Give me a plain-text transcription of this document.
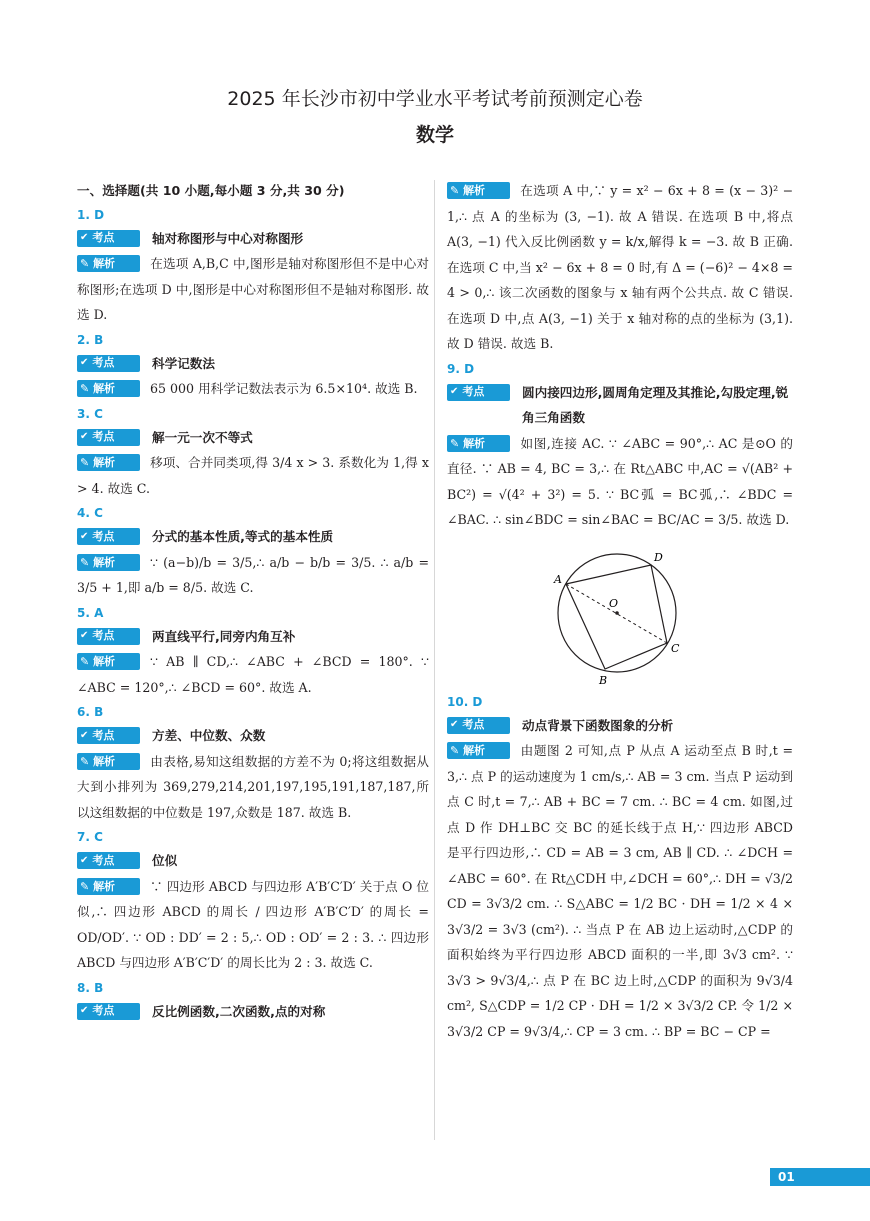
2025 年长沙市初中学业水平考试考前预测定心卷
数学
一、选择题(共 10 小题,每小题 3 分,共 30 分)
1. D
✔ 考点	轴对称图形与中心对称图形
✎
解析	在选项 A,B,C 中,图形是轴对称图形但不是中心对称图形;在选项 D 中,图形是中心对称图形但不是轴对称图形. 故选 D.
2. B
✔ 考点	科学记数法
✎
解析	65 000 用科学记数法表示为 6.5×10⁴. 故选 B.
3. C
✔ 考点	解一元一次不等式
✎
解析	移项、合并同类项,得 3/4 x > 3. 系数化为 1,得 x > 4. 故选 C.
4. C
✔ 考点	分式的基本性质,等式的基本性质
✎
解析	∵ (a−b)/b = 3/5,∴ a/b − b/b = 3/5. ∴ a/b = 3/5 + 1,即 a/b = 8/5. 故选 C.
5. A
✔ 考点	两直线平行,同旁内角互补
✎
解析	∵ AB ∥ CD,∴ ∠ABC + ∠BCD = 180°. ∵ ∠ABC = 120°,∴ ∠BCD = 60°. 故选 A.
6. B
✔ 考点	方差、中位数、众数
✎
解析	由表格,易知这组数据的方差不为 0;将这组数据从大到小排列为 369,279,214,201,197,195,191,187,187,所以这组数据的中位数是 197,众数是 187. 故选 B.
7. C
✔ 考点	位似
✎
解析	∵ 四边形 ABCD 与四边形 A′B′C′D′ 关于点 O 位似,∴ 四边形 ABCD 的周长 / 四边形 A′B′C′D′ 的周长 = OD/OD′. ∵ OD : DD′ = 2 : 5,∴ OD : OD′ = 2 : 3. ∴ 四边形 ABCD 与四边形 A′B′C′D′ 的周长比为 2 : 3. 故选 C.
8. B
✔ 考点	反比例函数,二次函数,点的对称
✎
解析	在选项 A 中,∵ y = x² − 6x + 8 = (x − 3)² − 1,∴ 点 A 的坐标为 (3, −1). 故 A 错误. 在选项 B 中,将点 A(3, −1) 代入反比例函数 y = k/x,解得 k = −3. 故 B 正确. 在选项 C 中,当 x² − 6x + 8 = 0 时,有 Δ = (−6)² − 4×8 = 4 > 0,∴ 该二次函数的图象与 x 轴有两个公共点. 故 C 错误. 在选项 D 中,点 A(3, −1) 关于 x 轴对称的点的坐标为 (3,1). 故 D 错误. 故选 B.
9. D
✔ 考点	圆内接四边形,圆周角定理及其推论,勾股定理,锐角三角函数
✎
解析	如图,连接 AC. ∵ ∠ABC = 90°,∴ AC 是⊙O 的直径. ∵ AB = 4, BC = 3,∴ 在 Rt△ABC 中,AC = √(AB² + BC²) = √(4² + 3²) = 5. ∵ BC弧 = BC弧,∴ ∠BDC = ∠BAC. ∴ sin∠BDC = sin∠BAC = BC/AC = 3/5. 故选 D.
A
D
O
C
B
10. D
✔ 考点	动点背景下函数图象的分析
✎
解析	由题图 2 可知,点 P 从点 A 运动至点 B 时,t = 3,∴ 点 P 的运动速度为 1 cm/s,∴ AB = 3 cm. 当点 P 运动到点 C 时,t = 7,∴ AB + BC = 7 cm. ∴ BC = 4 cm. 如图,过点 D 作 DH⊥BC 交 BC 的延长线于点 H,∵ 四边形 ABCD 是平行四边形,∴ CD = AB = 3 cm, AB ∥ CD. ∴ ∠DCH = ∠ABC = 60°. 在 Rt△CDH 中,∠DCH = 60°,∴ DH = √3/2 CD = 3√3/2 cm. ∴ S△ABC = 1/2 BC · DH = 1/2 × 4 × 3√3/2 = 3√3 (cm²). ∴ 当点 P 在 AB 边上运动时,△CDP 的面积始终为平行四边形 ABCD 面积的一半,即 3√3 cm². ∵ 3√3 > 9√3/4,∴ 点 P 在 BC 边上时,△CDP 的面积为 9√3/4 cm², S△CDP = 1/2 CP · DH = 1/2 × 3√3/2 CP. 令 1/2 × 3√3/2 CP = 9√3/4,∴ CP = 3 cm. ∴ BP = BC − CP =
01
